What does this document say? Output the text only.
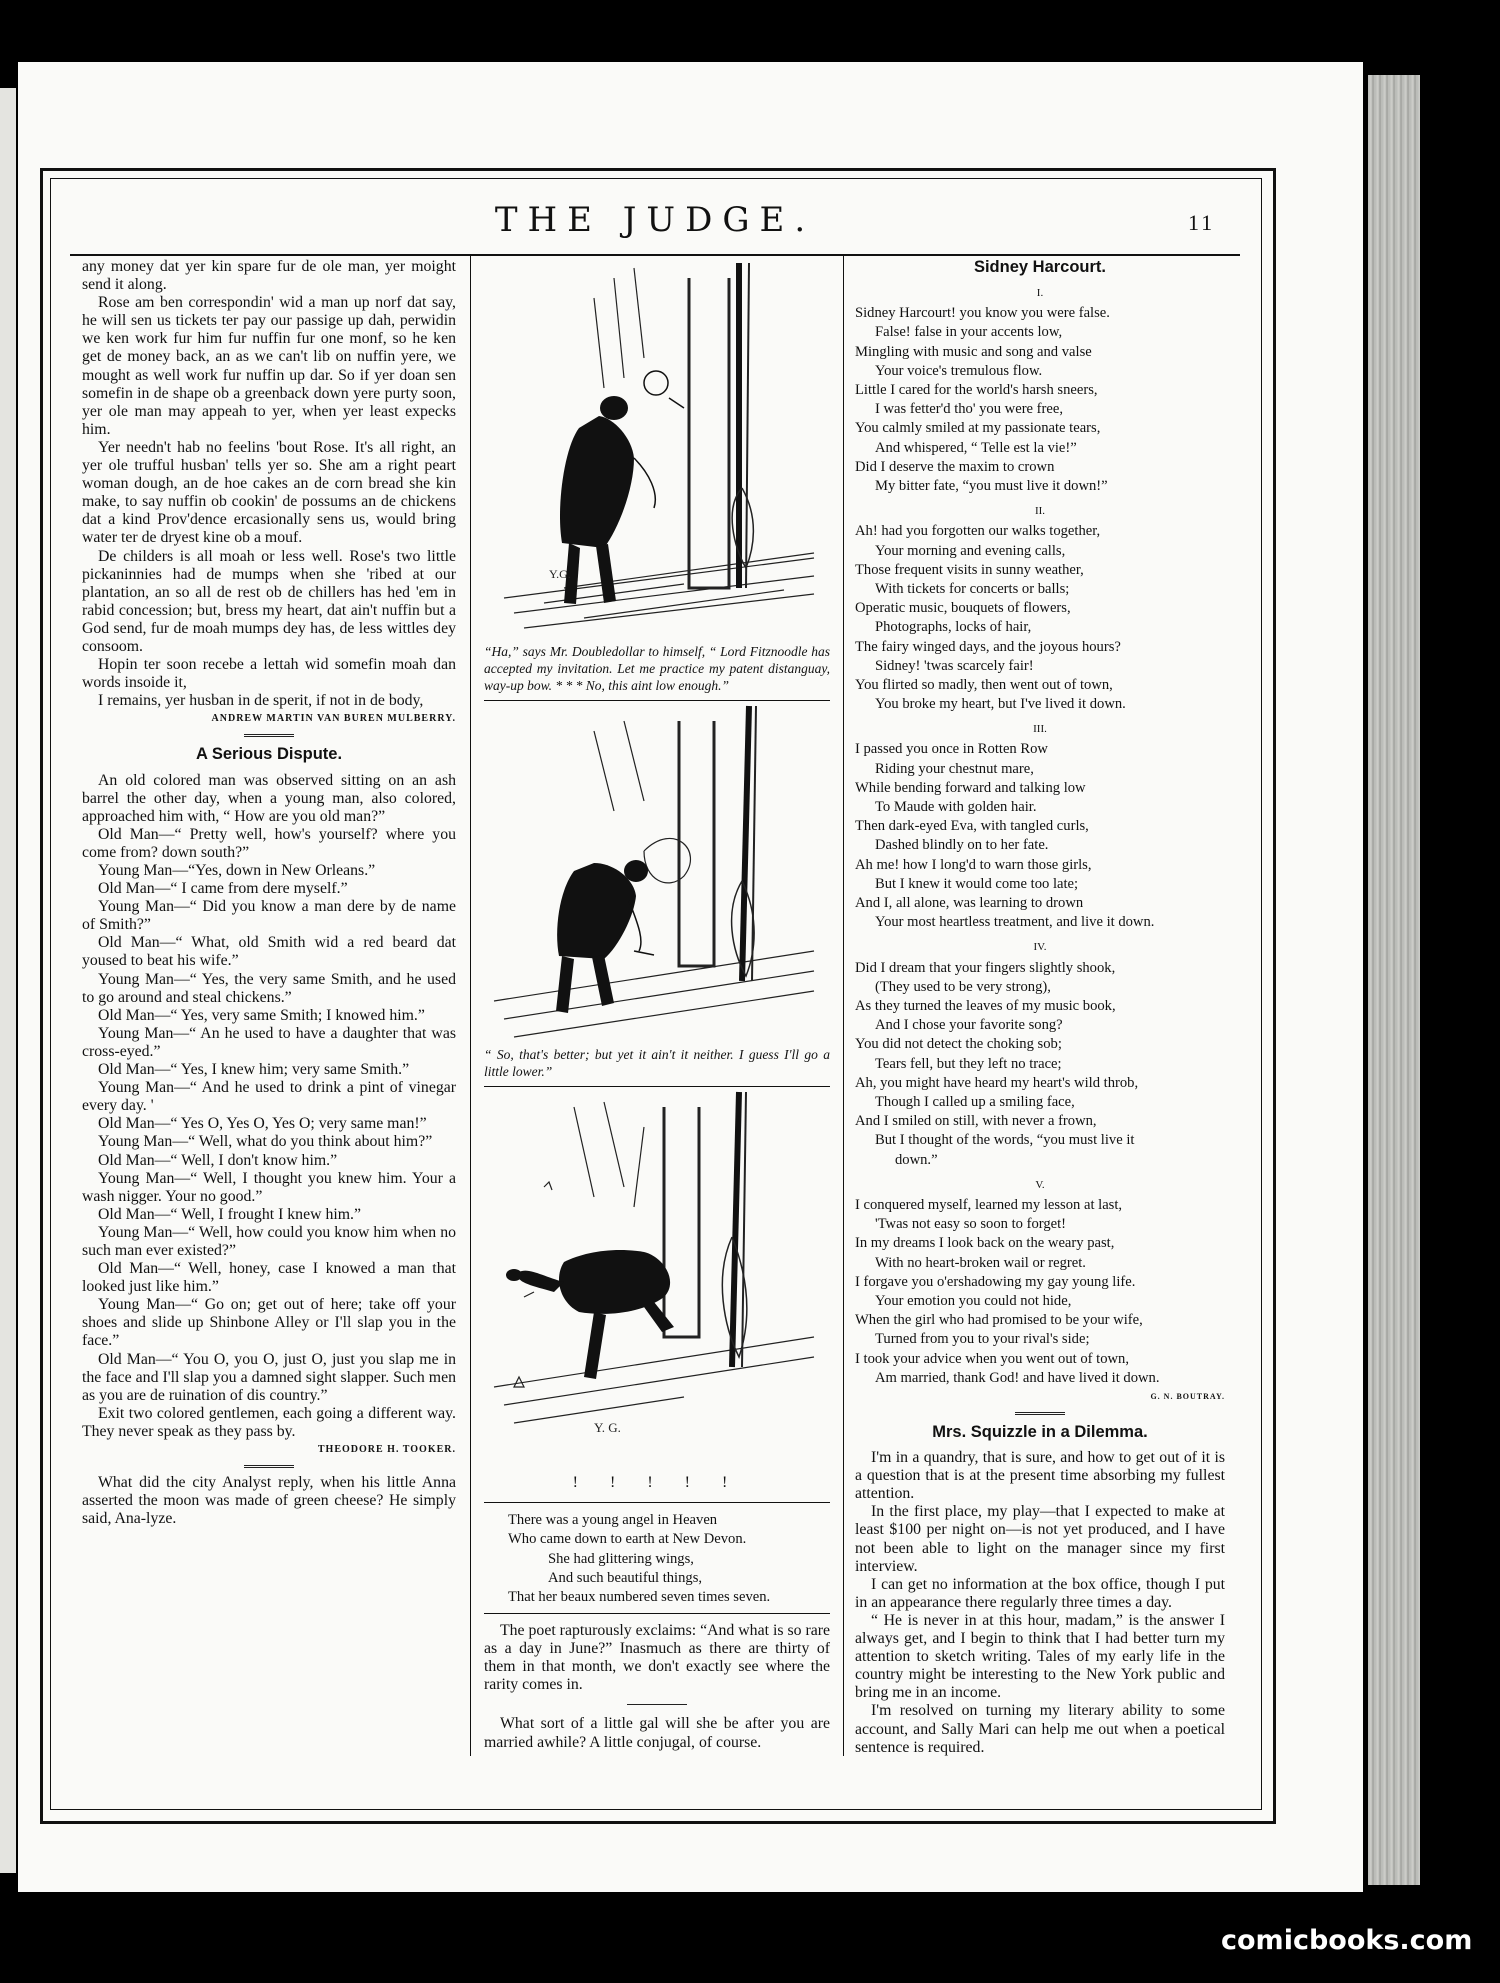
THE JUDGE.	11

any money dat yer kin spare fur de ole man, yer moight send it along.

Rose am ben correspondin' wid a man up norf dat say, he will sen us tickets ter pay our passige up dah, perwidin we ken work fur him fur nuffin fur one monf, so he ken get de money back, an as we can't lib on nuffin yere, we mought as well work fur nuffin up dar. So if yer doan sen somefin in de shape ob a greenback down yere purty soon, yer ole man may appeah to yer, when yer least expecks him.

Yer needn't hab no feelins 'bout Rose. It's all right, an yer ole trufful husban' tells yer so. She am a right peart woman dough, an de hoe cakes an de corn bread she kin make, to say nuffin ob cookin' de possums an de chickens dat a kind Prov'dence ercasionally sens us, would bring water ter de dryest kine ob a mouf.

De childers is all moah or less well. Rose's two little pickaninnies had de mumps when she 'ribed at our plantation, an so all de rest ob de chillers has hed 'em in rabid concession; but, bress my heart, dat ain't nuffin but a God send, fur de moah mumps dey has, de less wittles dey consoom.

Hopin ter soon recebe a lettah wid somefin moah dan words insoide it,

I remains, yer husban in de sperit, if not in de body,

ANDREW MARTIN VAN BUREN MULBERRY.

A Serious Dispute.

An old colored man was observed sitting on an ash barrel the other day, when a young man, also colored, approached him with, “ How are you old man?”

Old Man—“ Pretty well, how's yourself? where you come from? down south?”

Young Man—“Yes, down in New Orleans.”

Old Man—“ I came from dere myself.”

Young Man—“ Did you know a man dere by de name of Smith?”

Old Man—“ What, old Smith wid a red beard dat yoused to beat his wife.”

Young Man—“ Yes, the very same Smith, and he used to go around and steal chickens.”

Old Man—“ Yes, very same Smith; I knowed him.”

Young Man—“ An he used to have a daughter that was cross-eyed.”

Old Man—“ Yes, I knew him; very same Smith.”

Young Man—“ And he used to drink a pint of vinegar every day. '

Old Man—“ Yes O, Yes O, Yes O; very same man!”

Young Man—“ Well, what do you think about him?”

Old Man—“ Well, I don't know him.”

Young Man—“ Well, I thought you knew him. Your a wash nigger. Your no good.”

Old Man—“ Well, I frought I knew him.”

Young Man—“ Well, how could you know him when no such man ever existed?”

Old Man—“ Well, honey, case I knowed a man that looked just like him.”

Young Man—“ Go on; get out of here; take off your shoes and slide up Shinbone Alley or I'll slap you in the face.”

Old Man—“ You O, you O, just O, just you slap me in the face and I'll slap you a damned sight slapper. Such men as you are de ruination of dis country.”

Exit two colored gentlemen, each going a different way. They never speak as they pass by.

THEODORE H. TOOKER.

What did the city Analyst reply, when his little Anna asserted the moon was made of green cheese? He simply said, Ana-lyze.

Y.G.

“Ha,” says Mr. Doubledollar to himself, “ Lord Fitznoodle has accepted my invitation. Let me practice my patent distanguay, way-up bow. * * * No, this aint low enough.”

“ So, that's better; but yet it ain't it neither. I guess I'll go a little lower.”

Y. G.

! ! ! ! !

There was a young angel in Heaven

Who came down to earth at New Devon.

She had glittering wings,

And such beautiful things,

That her beaux numbered seven times seven.

The poet rapturously exclaims: “And what is so rare as a day in June?” Inasmuch as there are thirty of them in that month, we don't exactly see where the rarity comes in.

What sort of a little gal will she be after you are married awhile? A little conjugal, of course.

Sidney Harcourt.
I.

Sidney Harcourt! you know you were false.

False! false in your accents low,

Mingling with music and song and valse

Your voice's tremulous flow.

Little I cared for the world's harsh sneers,

I was fetter'd tho' you were free,

You calmly smiled at my passionate tears,

And whispered, “ Telle est la vie!”

Did I deserve the maxim to crown

My bitter fate, “you must live it down!”

II.

Ah! had you forgotten our walks together,

Your morning and evening calls,

Those frequent visits in sunny weather,

With tickets for concerts or balls;

Operatic music, bouquets of flowers,

Photographs, locks of hair,

The fairy winged days, and the joyous hours?

Sidney! 'twas scarcely fair!

You flirted so madly, then went out of town,

You broke my heart, but I've lived it down.

III.

I passed you once in Rotten Row

Riding your chestnut mare,

While bending forward and talking low

To Maude with golden hair.

Then dark-eyed Eva, with tangled curls,

Dashed blindly on to her fate.

Ah me! how I long'd to warn those girls,

But I knew it would come too late;

And I, all alone, was learning to drown

Your most heartless treatment, and live it down.

IV.

Did I dream that your fingers slightly shook,

(They used to be very strong),

As they turned the leaves of my music book,

And I chose your favorite song?

You did not detect the choking sob;

Tears fell, but they left no trace;

Ah, you might have heard my heart's wild throb,

Though I called up a smiling face,

And I smiled on still, with never a frown,

But I thought of the words, “you must live it

down.”

V.

I conquered myself, learned my lesson at last,

'Twas not easy so soon to forget!

In my dreams I look back on the weary past,

With no heart-broken wail or regret.

I forgave you o'ershadowing my gay young life.

Your emotion you could not hide,

When the girl who had promised to be your wife,

Turned from you to your rival's side;

I took your advice when you went out of town,

Am married, thank God! and have lived it down.

G. N. BOUTRAY.

Mrs. Squizzle in a Dilemma.

I'm in a quandry, that is sure, and how to get out of it is a question that is at the present time absorbing my fullest attention.

In the first place, my play—that I expected to make at least $100 per night on—is not yet produced, and I have not been able to light on the manager since my first interview.

I can get no information at the box office, though I put in an appearance there regularly three times a day.

“ He is never in at this hour, madam,” is the answer I always get, and I begin to think that I had better turn my attention to sketch writing. Tales of my early life in the country might be interesting to the New York public and bring me in an income.

I'm resolved on turning my literary ability to some account, and Sally Mari can help me out when a poetical sentence is required.

comicbooks.com
